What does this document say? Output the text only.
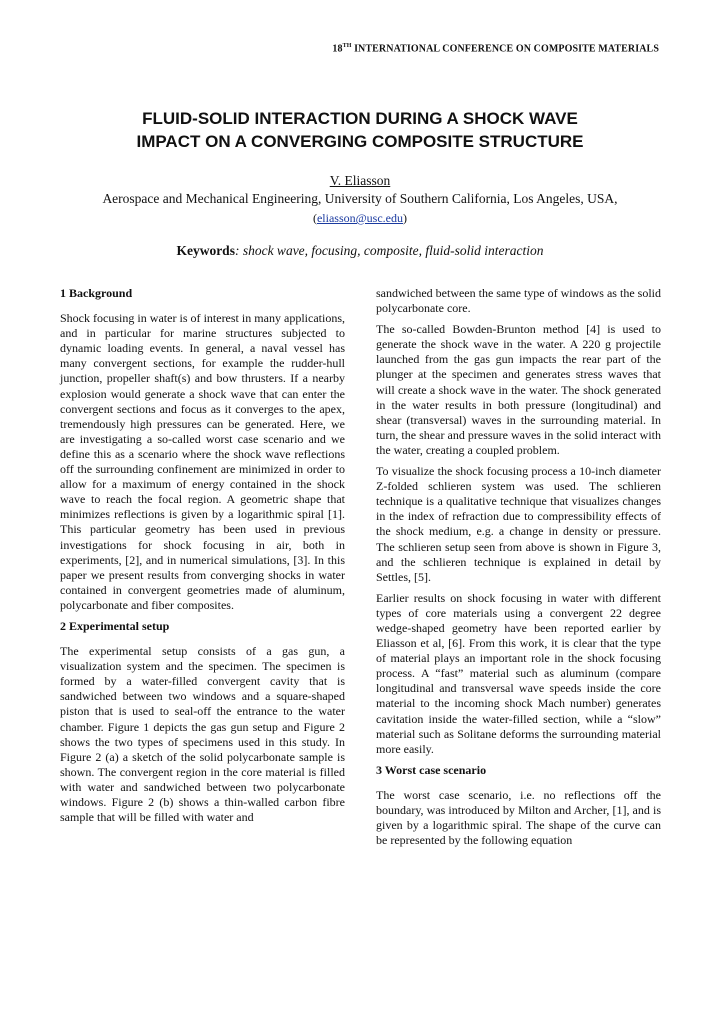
18TH INTERNATIONAL CONFERENCE ON COMPOSITE MATERIALS
FLUID-SOLID INTERACTION DURING A SHOCK WAVE
IMPACT ON A CONVERGING COMPOSITE STRUCTURE
V. Eliasson
Aerospace and Mechanical Engineering, University of Southern California, Los Angeles, USA,
(eliasson@usc.edu)
Keywords: shock wave, focusing, composite, fluid-solid interaction
1 Background

Shock focusing in water is of interest in many applications, and in particular for marine structures subjected to dynamic loading events. In general, a naval vessel has many convergent sections, for example the rudder-hull junction, propeller shaft(s) and bow thrusters. If a nearby explosion would generate a shock wave that can enter the convergent sections and focus as it converges to the apex, tremendously high pressures can be generated. Here, we are investigating a so-called worst case scenario and we define this as a scenario where the shock wave reflections off the surrounding confinement are minimized in order to allow for a maximum of energy contained in the shock wave to reach the focal region. A geometric shape that minimizes reflections is given by a logarithmic spiral [1]. This particular geometry has been used in previous investigations for shock focusing in air, both in experiments, [2], and in numerical simulations, [3]. In this paper we present results from converging shocks in water contained in convergent geometries made of aluminum, polycarbonate and fiber composites.

2 Experimental setup

The experimental setup consists of a gas gun, a visualization system and the specimen. The specimen is formed by a water-filled convergent cavity that is sandwiched between two windows and a square-shaped piston that is used to seal-off the entrance to the water chamber. Figure 1 depicts the gas gun setup and Figure 2 shows the two types of specimens used in this study. In Figure 2 (a) a sketch of the solid polycarbonate sample is shown. The convergent region in the core material is filled with water and sandwiched between two polycarbonate windows. Figure 2 (b) shows a thin-walled carbon fibre sample that will be filled with water and

sandwiched between the same type of windows as the solid polycarbonate core.

The so-called Bowden-Brunton method [4] is used to generate the shock wave in the water. A 220 g projectile launched from the gas gun impacts the rear part of the plunger at the specimen and generates stress waves that will create a shock wave in the water. The shock generated in the water results in both pressure (longitudinal) and shear (transversal) waves in the surrounding material. In turn, the shear and pressure waves in the solid interact with the water, creating a coupled problem.

To visualize the shock focusing process a 10-inch diameter Z-folded schlieren system was used. The schlieren technique is a qualitative technique that visualizes changes in the index of refraction due to compressibility effects of the shock medium, e.g. a change in density or pressure. The schlieren setup seen from above is shown in Figure 3, and the schlieren technique is explained in detail by Settles, [5].

Earlier results on shock focusing in water with different types of core materials using a convergent 22 degree wedge-shaped geometry have been reported earlier by Eliasson et al, [6]. From this work, it is clear that the type of material plays an important role in the shock focusing process. A “fast” material such as aluminum (compare longitudinal and transversal wave speeds inside the core material to the incoming shock Mach number) generates cavitation inside the water-filled section, while a “slow” material such as Solitane deforms the surrounding material more easily.

3 Worst case scenario

The worst case scenario, i.e. no reflections off the boundary, was introduced by Milton and Archer, [1], and is given by a logarithmic spiral. The shape of the curve can be represented by the following equation
